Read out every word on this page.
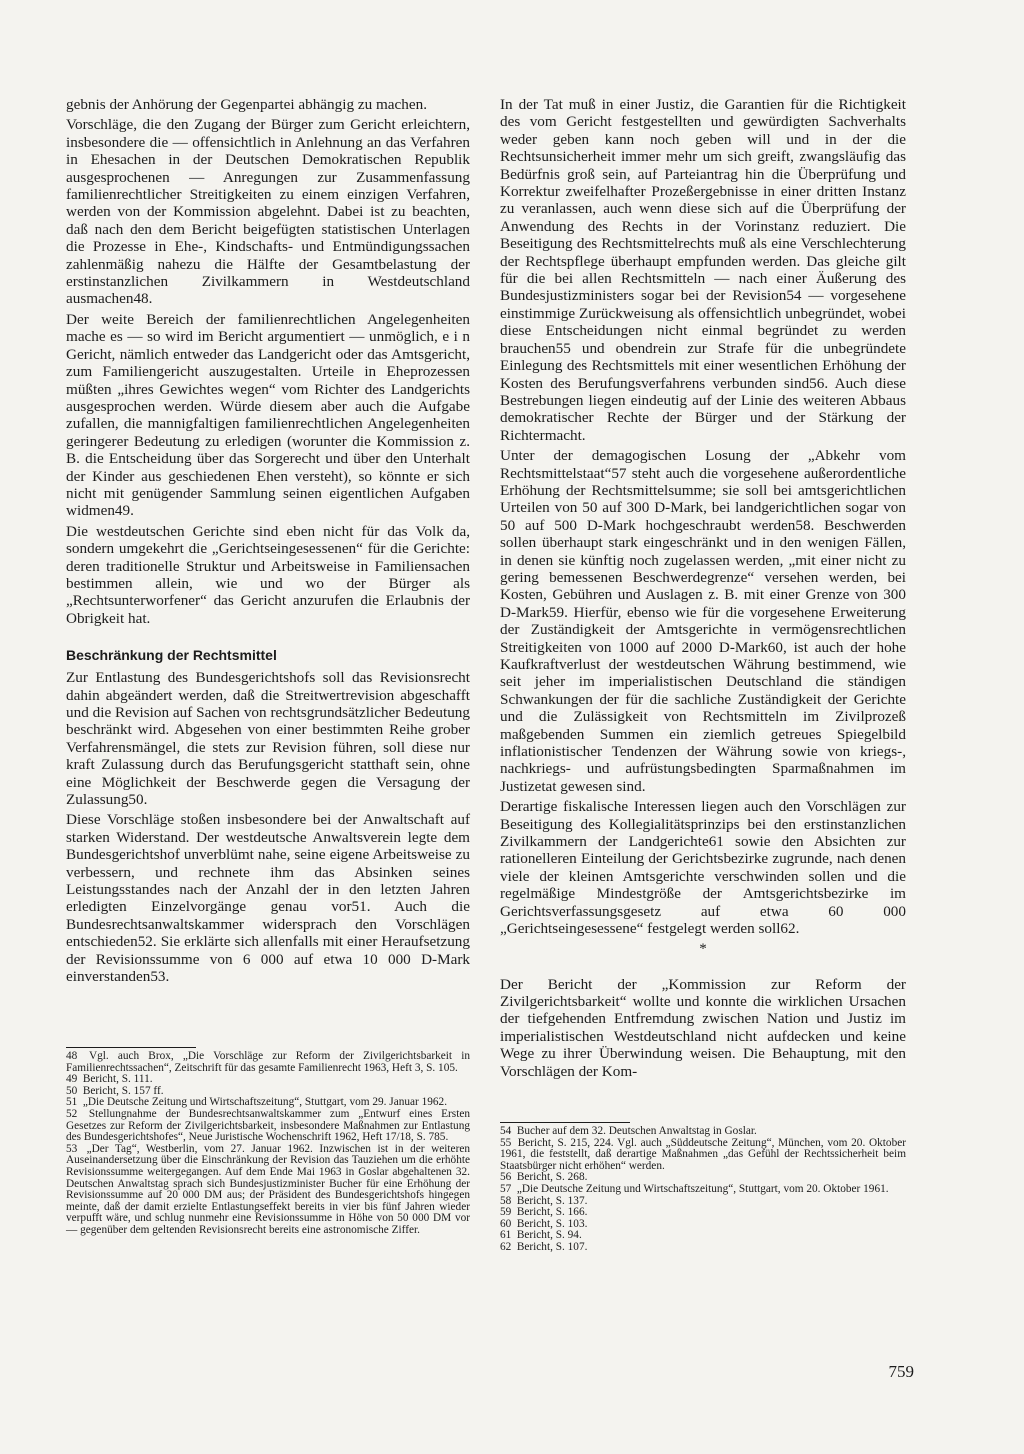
gebnis der Anhörung der Gegenpartei abhängig zu machen.

Vorschläge, die den Zugang der Bürger zum Gericht erleichtern, insbesondere die — offensichtlich in Anlehnung an das Verfahren in Ehesachen in der Deutschen Demokratischen Republik ausgesprochenen — Anregungen zur Zusammenfassung familienrechtlicher Streitigkeiten zu einem einzigen Verfahren, werden von der Kommission abgelehnt. Dabei ist zu beachten, daß nach den dem Bericht beigefügten statistischen Unterlagen die Prozesse in Ehe-, Kindschafts- und Entmündigungssachen zahlenmäßig nahezu die Hälfte der Gesamtbelastung der erstinstanzlichen Zivilkammern in Westdeutschland ausmachen48.

Der weite Bereich der familienrechtlichen Angelegenheiten mache es — so wird im Bericht argumentiert — unmöglich, e i n Gericht, nämlich entweder das Landgericht oder das Amtsgericht, zum Familiengericht auszugestalten. Urteile in Eheprozessen müßten „ihres Gewichtes wegen“ vom Richter des Landgerichts ausgesprochen werden. Würde diesem aber auch die Aufgabe zufallen, die mannigfaltigen familienrechtlichen Angelegenheiten geringerer Bedeutung zu erledigen (worunter die Kommission z. B. die Entscheidung über das Sorgerecht und über den Unterhalt der Kinder aus geschiedenen Ehen versteht), so könnte er sich nicht mit genügender Sammlung seinen eigentlichen Aufgaben widmen49.

Die westdeutschen Gerichte sind eben nicht für das Volk da, sondern umgekehrt die „Gerichtseingesessenen“ für die Gerichte: deren traditionelle Struktur und Arbeitsweise in Familiensachen bestimmen allein, wie und wo der Bürger als „Rechtsunterworfener“ das Gericht anzurufen die Erlaubnis der Obrigkeit hat.

Beschränkung der Rechtsmittel

Zur Entlastung des Bundesgerichtshofs soll das Revisionsrecht dahin abgeändert werden, daß die Streitwertrevision abgeschafft und die Revision auf Sachen von rechtsgrundsätzlicher Bedeutung beschränkt wird. Abgesehen von einer bestimmten Reihe grober Verfahrensmängel, die stets zur Revision führen, soll diese nur kraft Zulassung durch das Berufungsgericht statthaft sein, ohne eine Möglichkeit der Beschwerde gegen die Versagung der Zulassung50.

Diese Vorschläge stoßen insbesondere bei der Anwaltschaft auf starken Widerstand. Der westdeutsche Anwaltsverein legte dem Bundesgerichtshof unverblümt nahe, seine eigene Arbeitsweise zu verbessern, und rechnete ihm das Absinken seines Leistungsstandes nach der Anzahl der in den letzten Jahren erledigten Einzelvorgänge genau vor51. Auch die Bundesrechtsanwaltskammer widersprach den Vorschlägen entschieden52. Sie erklärte sich allenfalls mit einer Heraufsetzung der Revisionssumme von 6 000 auf etwa 10 000 D-Mark einverstanden53.

In der Tat muß in einer Justiz, die Garantien für die Richtigkeit des vom Gericht festgestellten und gewürdigten Sachverhalts weder geben kann noch geben will und in der die Rechtsunsicherheit immer mehr um sich greift, zwangsläufig das Bedürfnis groß sein, auf Parteiantrag hin die Überprüfung und Korrektur zweifelhafter Prozeßergebnisse in einer dritten Instanz zu veranlassen, auch wenn diese sich auf die Überprüfung der Anwendung des Rechts in der Vorinstanz reduziert. Die Beseitigung des Rechtsmittelrechts muß als eine Verschlechterung der Rechtspflege überhaupt empfunden werden. Das gleiche gilt für die bei allen Rechtsmitteln — nach einer Äußerung des Bundesjustizministers sogar bei der Revision54 — vorgesehene einstimmige Zurückweisung als offensichtlich unbegründet, wobei diese Entscheidungen nicht einmal begründet zu werden brauchen55 und obendrein zur Strafe für die unbegründete Einlegung des Rechtsmittels mit einer wesentlichen Erhöhung der Kosten des Berufungsverfahrens verbunden sind56. Auch diese Bestrebungen liegen eindeutig auf der Linie des weiteren Abbaus demokratischer Rechte der Bürger und der Stärkung der Richtermacht.

Unter der demagogischen Losung der „Abkehr vom Rechtsmittelstaat“57 steht auch die vorgesehene außerordentliche Erhöhung der Rechtsmittelsumme; sie soll bei amtsgerichtlichen Urteilen von 50 auf 300 D-Mark, bei landgerichtlichen sogar von 50 auf 500 D-Mark hochgeschraubt werden58. Beschwerden sollen überhaupt stark eingeschränkt und in den wenigen Fällen, in denen sie künftig noch zugelassen werden, „mit einer nicht zu gering bemessenen Beschwerdegrenze“ versehen werden, bei Kosten, Gebühren und Auslagen z. B. mit einer Grenze von 300 D-Mark59. Hierfür, ebenso wie für die vorgesehene Erweiterung der Zuständigkeit der Amtsgerichte in vermögensrechtlichen Streitigkeiten von 1000 auf 2000 D-Mark60, ist auch der hohe Kaufkraftverlust der westdeutschen Währung bestimmend, wie seit jeher im imperialistischen Deutschland die ständigen Schwankungen der für die sachliche Zuständigkeit der Gerichte und die Zulässigkeit von Rechtsmitteln im Zivilprozeß maßgebenden Summen ein ziemlich getreues Spiegelbild inflationistischer Tendenzen der Währung sowie von kriegs-, nachkriegs- und aufrüstungsbedingten Sparmaßnahmen im Justizetat gewesen sind.

Derartige fiskalische Interessen liegen auch den Vorschlägen zur Beseitigung des Kollegialitätsprinzips bei den erstinstanzlichen Zivilkammern der Landgerichte61 sowie den Absichten zur rationelleren Einteilung der Gerichtsbezirke zugrunde, nach denen viele der kleinen Amtsgerichte verschwinden sollen und die regelmäßige Mindestgröße der Amtsgerichtsbezirke im Gerichtsverfassungsgesetz auf etwa 60 000 „Gerichtseingesessene“ festgelegt werden soll62.

*

Der Bericht der „Kommission zur Reform der Zivilgerichtsbarkeit“ wollte und konnte die wirklichen Ursachen der tiefgehenden Entfremdung zwischen Nation und Justiz im imperialistischen Westdeutschland nicht aufdecken und keine Wege zu ihrer Überwindung weisen. Die Behauptung, mit den Vorschlägen der Kom-

48 Vgl. auch Brox, „Die Vorschläge zur Reform der Zivilgerichtsbarkeit in Familienrechtssachen“, Zeitschrift für das gesamte Familienrecht 1963, Heft 3, S. 105.
49 Bericht, S. 111.
50 Bericht, S. 157 ff.
51 „Die Deutsche Zeitung und Wirtschaftszeitung“, Stuttgart, vom 29. Januar 1962.
52 Stellungnahme der Bundesrechtsanwaltskammer zum „Entwurf eines Ersten Gesetzes zur Reform der Zivilgerichtsbarkeit, insbesondere Maßnahmen zur Entlastung des Bundesgerichtshofes“, Neue Juristische Wochenschrift 1962, Heft 17/18, S. 785.
53 „Der Tag“, Westberlin, vom 27. Januar 1962. Inzwischen ist in der weiteren Auseinandersetzung über die Einschränkung der Revision das Tauziehen um die erhöhte Revisionssumme weitergegangen. Auf dem Ende Mai 1963 in Goslar abgehaltenen 32. Deutschen Anwaltstag sprach sich Bundesjustizminister Bucher für eine Erhöhung der Revisionssumme auf 20 000 DM aus; der Präsident des Bundesgerichtshofs hingegen meinte, daß der damit erzielte Entlastungseffekt bereits in vier bis fünf Jahren wieder verpufft wäre, und schlug nunmehr eine Revisionssumme in Höhe von 50 000 DM vor — gegenüber dem geltenden Revisionsrecht bereits eine astronomische Ziffer.
54 Bucher auf dem 32. Deutschen Anwaltstag in Goslar.
55 Bericht, S. 215, 224. Vgl. auch „Süddeutsche Zeitung“, München, vom 20. Oktober 1961, die feststellt, daß derartige Maßnahmen „das Gefühl der Rechtssicherheit beim Staatsbürger nicht erhöhen“ werden.
56 Bericht, S. 268.
57 „Die Deutsche Zeitung und Wirtschaftszeitung“, Stuttgart, vom 20. Oktober 1961.
58 Bericht, S. 137.
59 Bericht, S. 166.
60 Bericht, S. 103.
61 Bericht, S. 94.
62 Bericht, S. 107.
759
